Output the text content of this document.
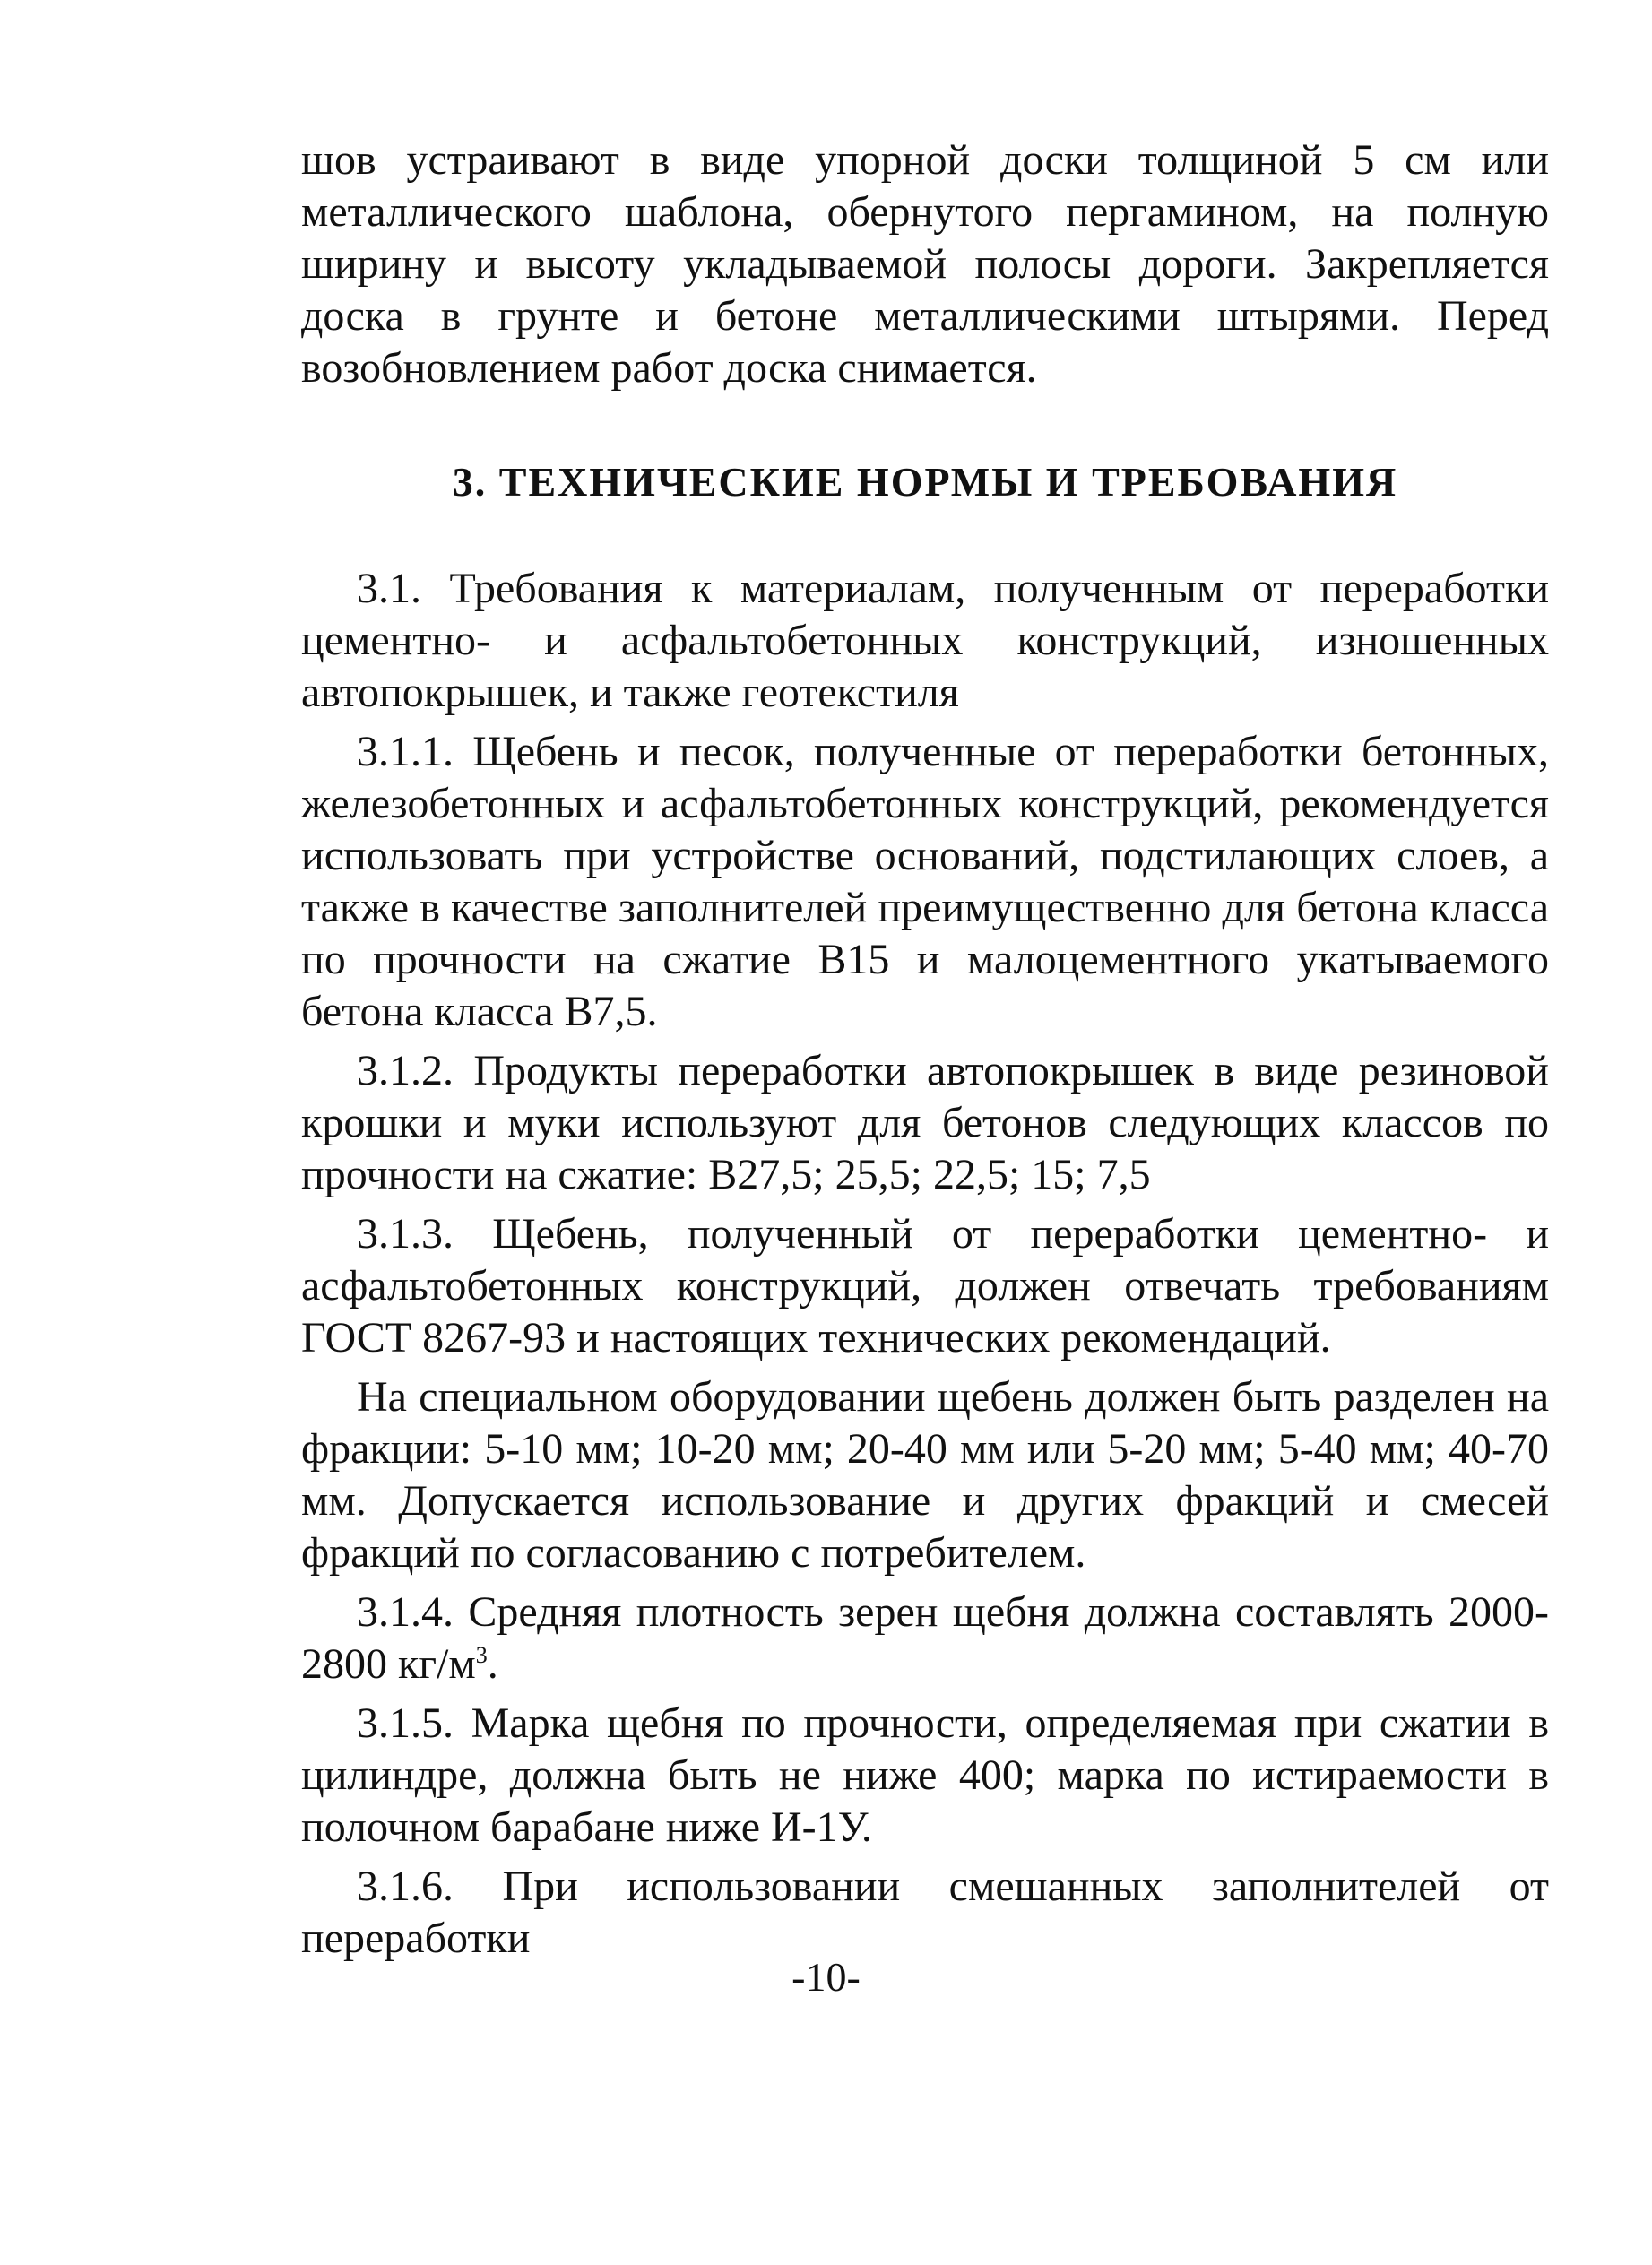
шов устраивают в виде упорной доски толщиной 5 см или металлического шаблона, обернутого пергамином, на полную ширину и высоту укладываемой полосы дороги. Закрепляется доска в грунте и бетоне металлическими штырями. Перед возобновлением работ доска снимается.

3. ТЕХНИЧЕСКИЕ НОРМЫ И ТРЕБОВАНИЯ

3.1. Требования к материалам, полученным от переработки цементно- и асфальтобетонных конструкций, изношенных автопокрышек, и также геотекстиля

3.1.1. Щебень и песок, полученные от переработки бетонных, железобетонных и асфальтобетонных конструкций, рекомендуется использовать при устройстве оснований, подстилающих слоев, а также в качестве заполнителей преимущественно для бетона класса по прочности на сжатие В15 и малоцементного укатываемого бетона класса В7,5.

3.1.2. Продукты переработки автопокрышек в виде резиновой крошки и муки используют для бетонов следующих классов по прочности на сжатие: В27,5; 25,5; 22,5; 15; 7,5

3.1.3. Щебень, полученный от переработки цементно- и асфальтобетонных конструкций, должен отвечать требованиям ГОСТ 8267-93 и настоящих технических рекомендаций.

На специальном оборудовании щебень должен быть разделен на фракции: 5-10 мм; 10-20 мм; 20-40 мм или 5-20 мм; 5-40 мм; 40-70 мм. Допускается использование и других фракций и смесей фракций по согласованию с потребителем.

3.1.4. Средняя плотность зерен щебня должна составлять 2000-2800 $кг/м^3$.

3.1.5. Марка щебня по прочности, определяемая при сжатии в цилиндре, должна быть не ниже 400; марка по истираемости в полочном барабане ниже И-1У.

3.1.6. При использовании смешанных заполнителей от переработки

-10-
